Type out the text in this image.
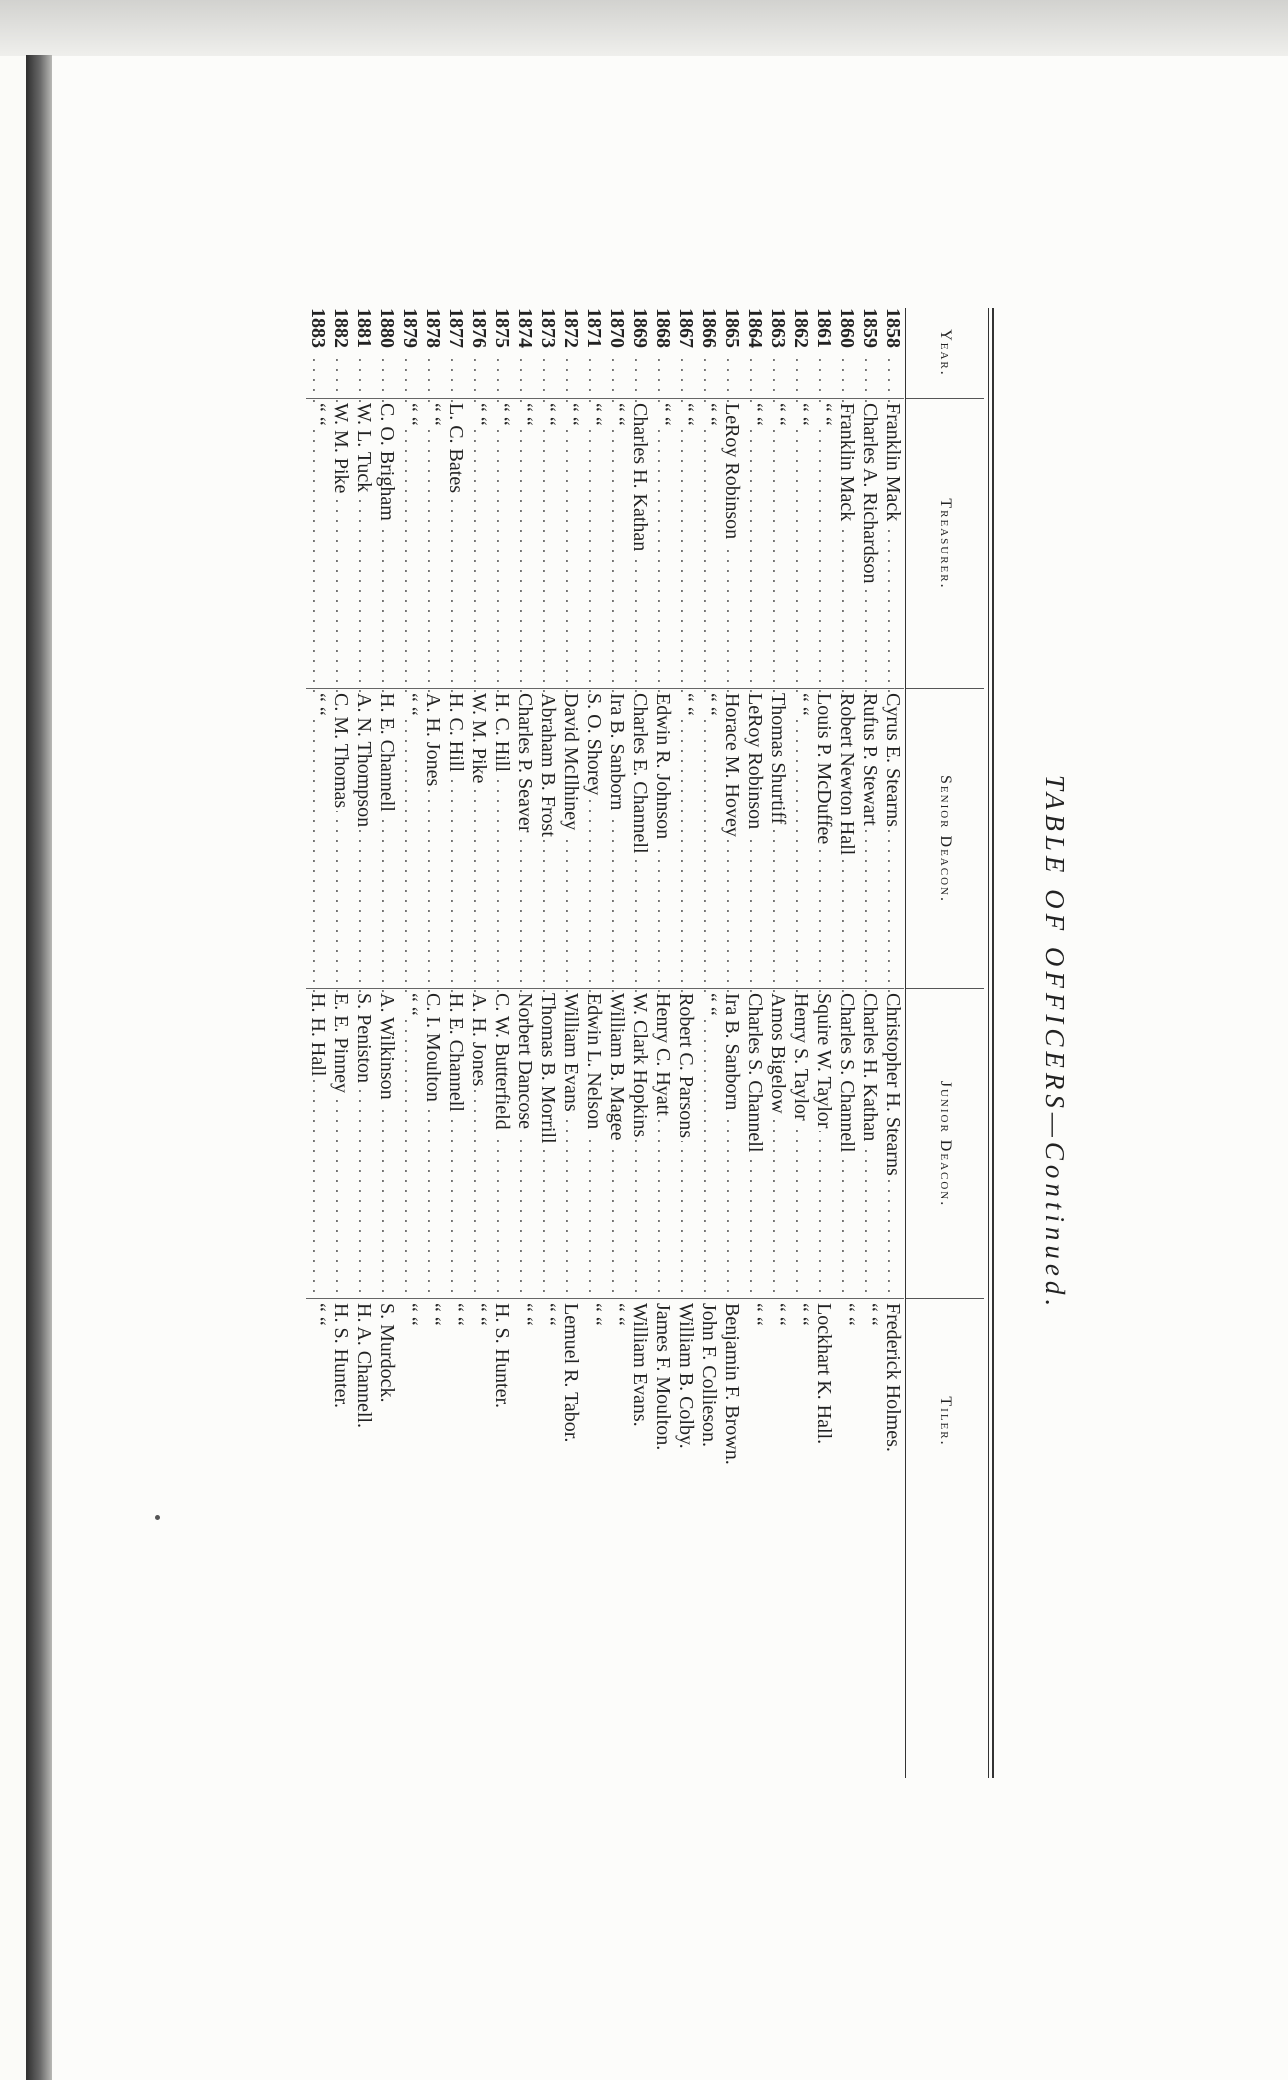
TABLE OF OFFICERS—Continued.
Year.
Treasurer.
Senior Deacon.
Junior Deacon.
Tiler.
1858 . . .
Franklin Mack . . .
Cyrus E. Stearns . . .
Christopher H. Stearns . . .
Frederick Holmes.
1859 . . .
Charles A. Richardson . . .
Rufus P. Stewart . . .
Charles H. Kathan . . .
“ “
1860 . . .
Franklin Mack . . .
Robert Newton Hall . . .
Charles S. Channell . . .
“ “
1861 . . .
“ “ . . .
Louis P. McDuffee . . .
Squire W. Taylor . . .
Lockhart K. Hall.
1862 . . .
“ “ . . .
“ “ . . .
Henry S. Taylor . . .
“ “
1863 . . .
“ “ . . .
Thomas Shurtiff . . .
Amos Bigelow . . .
“ “
1864 . . .
“ “ . . .
LeRoy Robinson . . .
Charles S. Channell . . .
“ “
1865 . . .
LeRoy Robinson . . .
Horace M. Hovey . . .
Ira B. Sanborn . . .
Benjamin F. Brown.
1866 . . .
“ “ . . .
“ “ . . .
“ “ . . .
John F. Collieson.
1867 . . .
“ “ . . .
“ “ . . .
Robert C. Parsons . . .
William B. Colby.
1868 . . .
“ “ . . .
Edwin R. Johnson . . .
Henry C. Hyatt . . .
James F. Moulton.
1869 . . .
Charles H. Kathan . . .
Charles E. Channell . . .
W. Clark Hopkins . . .
William Evans.
1870 . . .
“ “ . . .
Ira B. Sanborn . . .
William B. Magee . . .
“ “
1871 . . .
“ “ . . .
S. O. Shorey . . .
Edwin L. Nelson . . .
“ “
1872 . . .
“ “ . . .
David McIlhiney . . .
William Evans . . .
Lemuel R. Tabor.
1873 . . .
“ “ . . .
Abraham B. Frost . . .
Thomas B. Morrill . . .
“ “
1874 . . .
“ “ . . .
Charles P. Seaver . . .
Norbert Dancose . . .
“ “
1875 . . .
“ “ . . .
H. C. Hill . . .
C. W. Butterfield . . .
H. S. Hunter.
1876 . . .
“ “ . . .
W. M. Pike . . .
A. H. Jones . . .
“ “
1877 . . .
L. C. Bates . . .
H. C. Hill . . .
H. E. Channell . . .
“ “
1878 . . .
“ “ . . .
A. H. Jones . . .
C. I. Moulton . . .
“ “
1879 . . .
“ “ . . .
“ “ . . .
“ “ . . .
“ “
1880 . . .
C. O. Brigham . . .
H. E. Channell . . .
A. Wilkinson . . .
S. Murdock.
1881 . . .
W. L. Tuck . . .
A. N. Thompson . . .
S. Peniston . . .
H. A. Channell.
1882 . . .
W. M. Pike . . .
C. M. Thomas . . .
E. E. Pinney . . .
H. S. Hunter.
1883 . . .
“ “ . . .
“ “ . . .
H. H. Hall . . .
“ “
